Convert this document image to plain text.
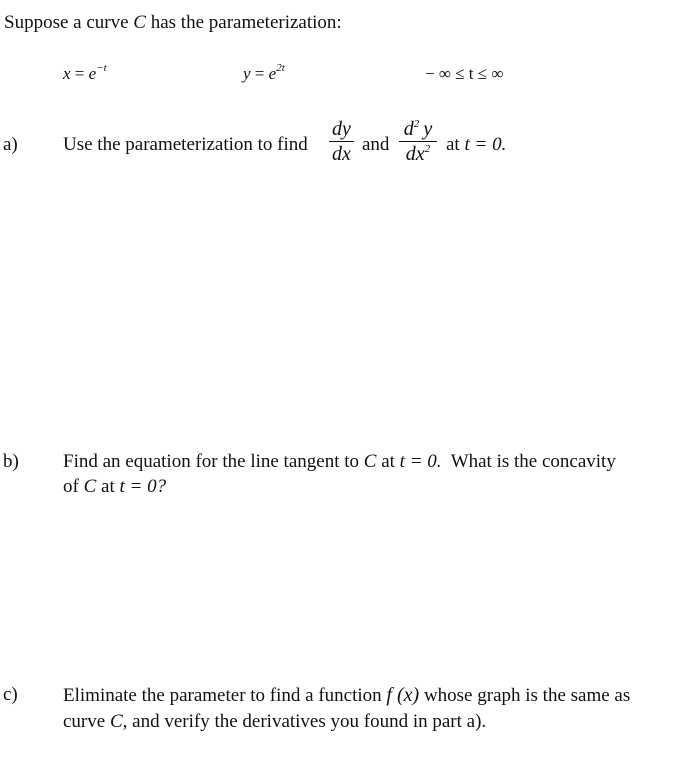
Suppose a curve C has the parameterization:
$x = e^{-t}$	$y = e^{2t}$	− ∞ ≤ t ≤ ∞
a) Use the parameterization to find
dy
dx and
$d^2$  y
$dx^2$ at t = 0.
b) Find an equation for the line tangent to C at t = 0.  What is the concavity
of C at t = 0?
c) Eliminate the parameter to find a function f (x) whose graph is the same as
curve C, and verify the derivatives you found in part a).
